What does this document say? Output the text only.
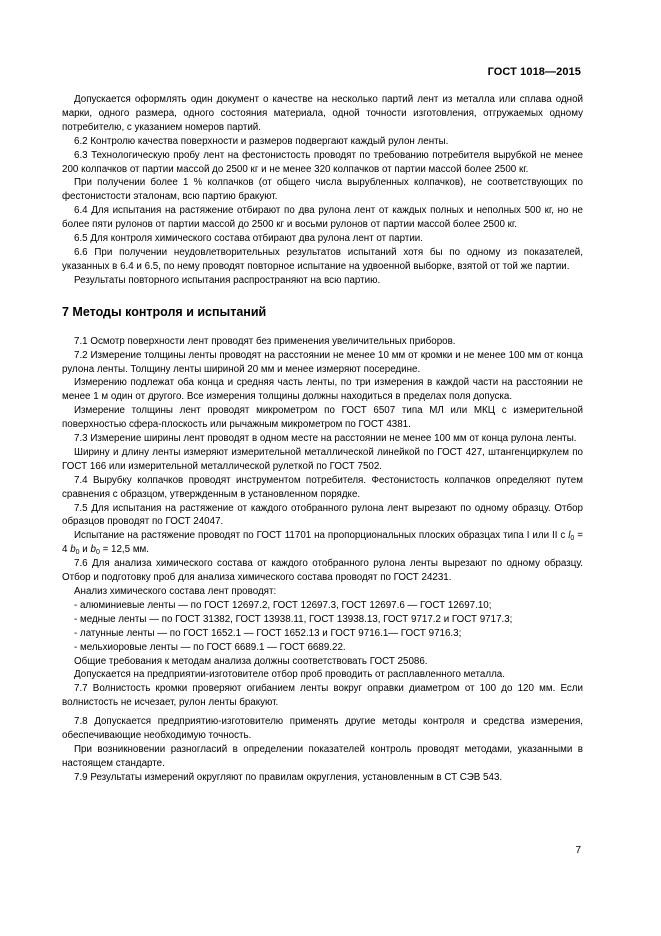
ГОСТ 1018—2015

Допускается оформлять один документ о качестве на несколько партий лент из металла или сплава одной марки, одного размера, одного состояния материала, одной точности изготовления, отгружаемых одному потребителю, с указанием номеров партий.

6.2 Контролю качества поверхности и размеров подвергают каждый рулон ленты.

6.3 Технологическую пробу лент на фестонистость проводят по требованию потребителя вырубкой не менее 200 колпачков от партии массой до 2500 кг и не менее 320 колпачков от партии массой более 2500 кг.

При получении более 1 % колпачков (от общего числа вырубленных колпачков), не соответствующих по фестонистости эталонам, всю партию бракуют.

6.4 Для испытания на растяжение отбирают по два рулона лент от каждых полных и неполных 500 кг, но не более пяти рулонов от партии массой до 2500 кг и восьми рулонов от партии массой более 2500 кг.

6.5 Для контроля химического состава отбирают два рулона лент от партии.

6.6 При получении неудовлетворительных результатов испытаний хотя бы по одному из показателей, указанных в 6.4 и 6.5, по нему проводят повторное испытание на удвоенной выборке, взятой от той же партии.

Результаты повторного испытания распространяют на всю партию.

7 Методы контроля и испытаний

7.1 Осмотр поверхности лент проводят без применения увеличительных приборов.

7.2 Измерение толщины ленты проводят на расстоянии не менее 10 мм от кромки и не менее 100 мм от конца рулона ленты. Толщину ленты шириной 20 мм и менее измеряют посередине.

Измерению подлежат оба конца и средняя часть ленты, по три измерения в каждой части на расстоянии не менее 1 м один от другого. Все измерения толщины должны находиться в пределах поля допуска.

Измерение толщины лент проводят микрометром по ГОСТ 6507 типа МЛ или МКЦ с измерительной поверхностью сфера-плоскость или рычажным микрометром по ГОСТ 4381.

7.3 Измерение ширины лент проводят в одном месте на расстоянии не менее 100 мм от конца рулона ленты.

Ширину и длину ленты измеряют измерительной металлической линейкой по ГОСТ 427, штангенциркулем по ГОСТ 166 или измерительной металлической рулеткой по ГОСТ 7502.

7.4 Вырубку колпачков проводят инструментом потребителя. Фестонистость колпачков определяют путем сравнения с образцом, утвержденным в установленном порядке.

7.5 Для испытания на растяжение от каждого отобранного рулона лент вырезают по одному образцу. Отбор образцов проводят по ГОСТ 24047.

Испытание на растяжение проводят по ГОСТ 11701 на пропорциональных плоских образцах типа I или II с $l_0 = 4$ $b_0$ и $b_0 = 12,5$ мм.

7.6 Для анализа химического состава от каждого отобранного рулона ленты вырезают по одному образцу. Отбор и подготовку проб для анализа химического состава проводят по ГОСТ 24231.

Анализ химического состава лент проводят:

- алюминиевые ленты — по ГОСТ 12697.2, ГОСТ 12697.3, ГОСТ 12697.6 — ГОСТ 12697.10;

- медные ленты — по ГОСТ 31382, ГОСТ 13938.11, ГОСТ 13938.13, ГОСТ 9717.2 и ГОСТ 9717.3;

- латунные ленты — по ГОСТ 1652.1 — ГОСТ 1652.13 и ГОСТ 9716.1— ГОСТ 9716.3;

- мельхиоровые ленты — по ГОСТ 6689.1 — ГОСТ 6689.22.

Общие требования к методам анализа должны соответствовать ГОСТ 25086.

Допускается на предприятии-изготовителе отбор проб проводить от расплавленного металла.

7.7 Волнистость кромки проверяют огибанием ленты вокруг оправки диаметром от 100 до 120 мм. Если волнистость не исчезает, рулон ленты бракуют.

7.8 Допускается предприятию-изготовителю применять другие методы контроля и средства измерения, обеспечивающие необходимую точность.

При возникновении разногласий в определении показателей контроль проводят методами, указанными в настоящем стандарте.

7.9 Результаты измерений округляют по правилам округления, установленным в СТ СЭВ 543.

7
